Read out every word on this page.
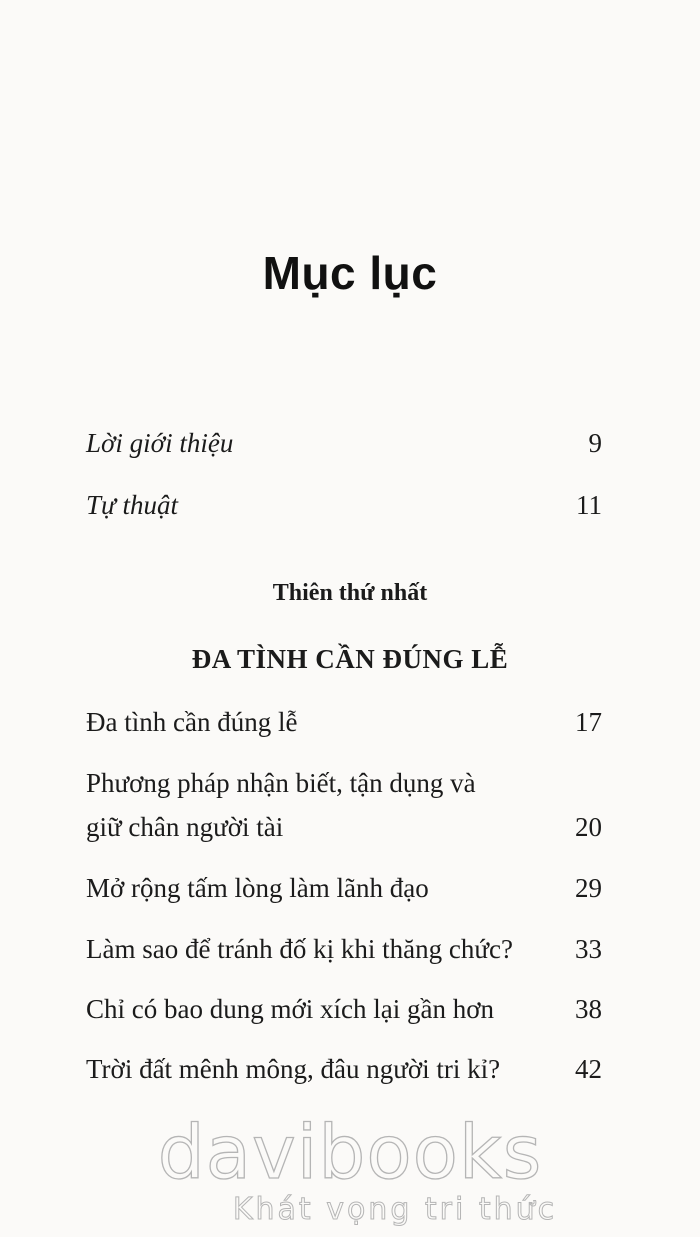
Mục lục
Lời giới thiệu	9
Tự thuật	11
Thiên thứ nhất
ĐA TÌNH CẦN ĐÚNG LỄ
Đa tình cần đúng lễ	17
Phương pháp nhận biết, tận dụng và
giữ chân người tài	20
Mở rộng tấm lòng làm lãnh đạo	29
Làm sao để tránh đố kị khi thăng chức? 33
Chỉ có bao dung mới xích lại gần hơn	38
Trời đất mênh mông, đâu người tri kỉ?	42
davibooks
Khát vọng tri thức
